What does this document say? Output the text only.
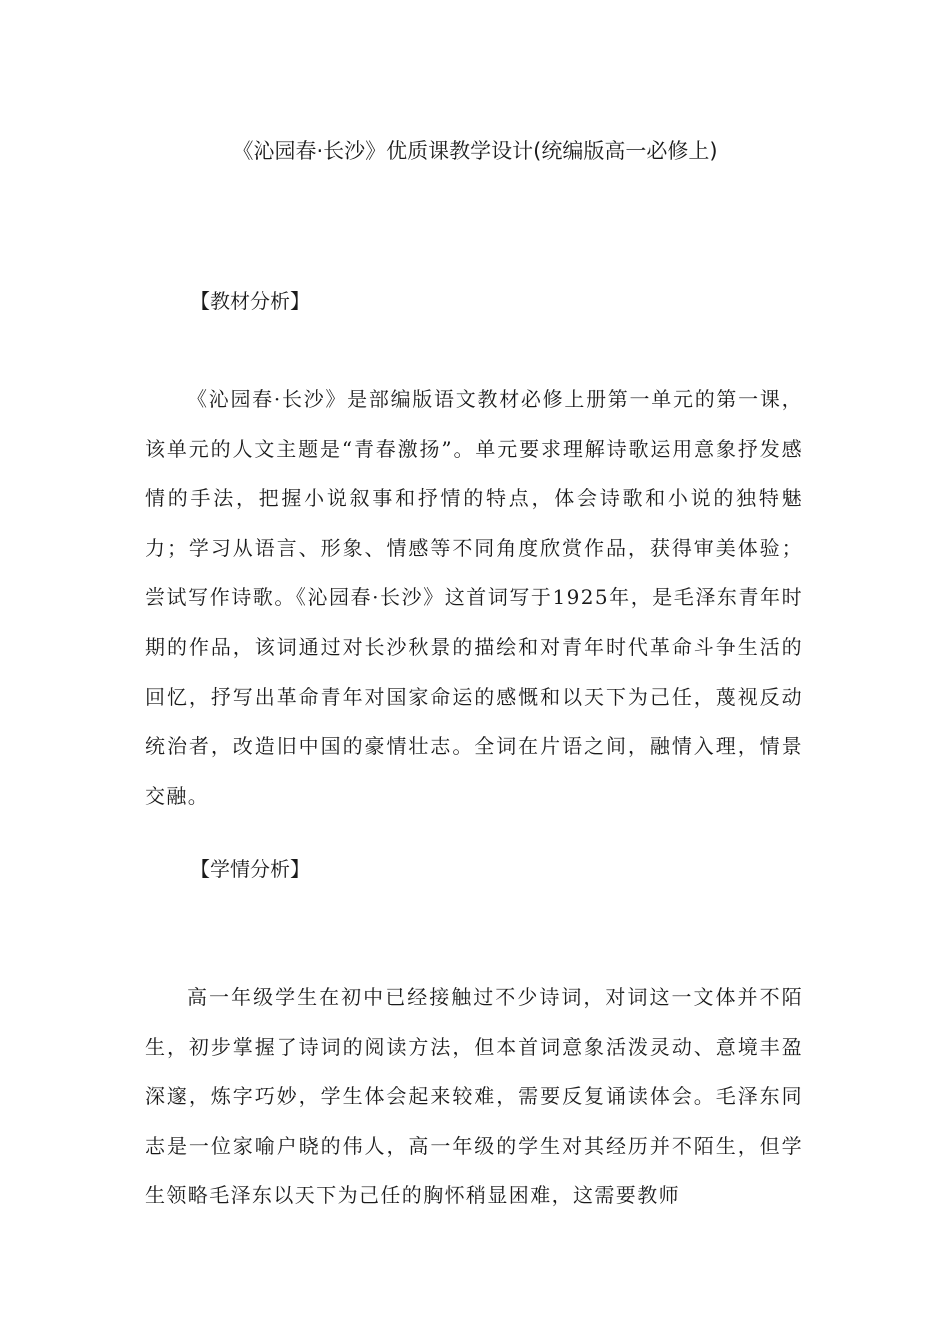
《沁园春·长沙》优质课教学设计(统编版高一必修上)
【教材分析】

《沁园春·长沙》是部编版语文教材必修上册第一单元的第一课，该单元的人文主题是“青春激扬”。单元要求理解诗歌运用意象抒发感情的手法，把握小说叙事和抒情的特点，体会诗歌和小说的独特魅力；学习从语言、形象、情感等不同角度欣赏作品，获得审美体验；尝试写作诗歌。《沁园春·长沙》这首词写于1925年，是毛泽东青年时期的作品，该词通过对长沙秋景的描绘和对青年时代革命斗争生活的回忆，抒写出革命青年对国家命运的感慨和以天下为己任，蔑视反动统治者，改造旧中国的豪情壮志。全词在片语之间，融情入理，情景交融。

【学情分析】

高一年级学生在初中已经接触过不少诗词，对词这一文体并不陌生，初步掌握了诗词的阅读方法，但本首词意象活泼灵动、意境丰盈深邃，炼字巧妙，学生体会起来较难，需要反复诵读体会。毛泽东同志是一位家喻户晓的伟人，高一年级的学生对其经历并不陌生，但学生领略毛泽东以天下为己任的胸怀稍显困难，这需要教师
